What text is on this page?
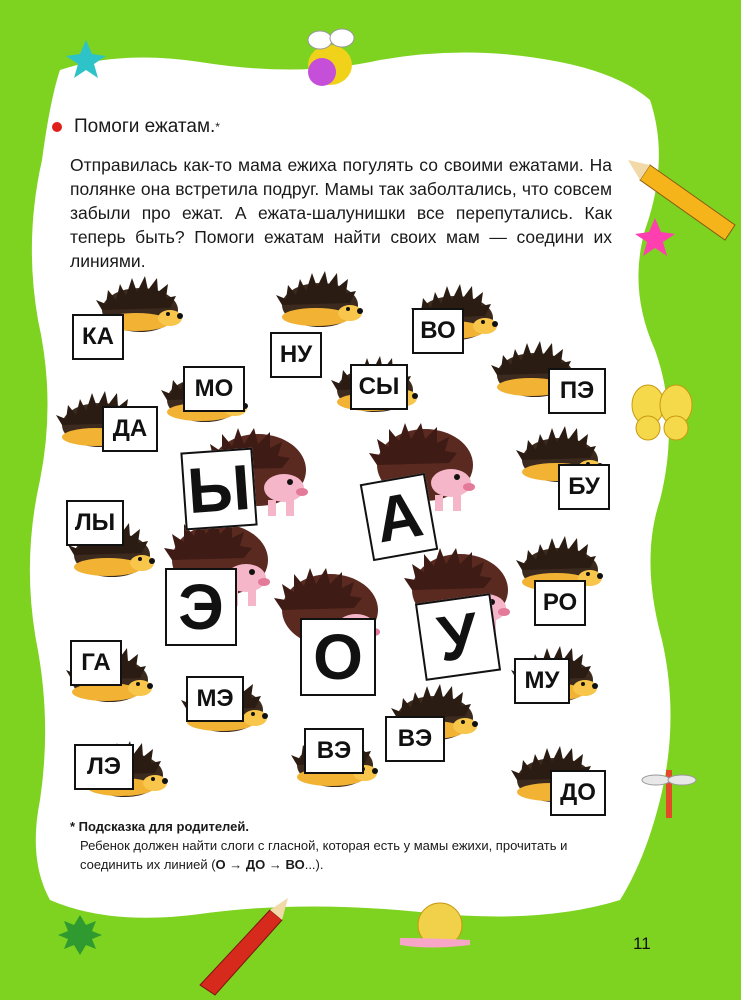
Помоги ежатам. *
Отправилась как-то мама ежиха погулять со своими ежатами. На полянке она встретила подруг. Мамы так заболтались, что совсем забыли про ежат. А ежата-шалунишки все перепутались. Как теперь быть? Помоги ежатам найти своих мам — соедини их линиями.
КА
НУ
ВО
МО	СЫ	ПЭ
ДА
БУ
ЛЫ
РО
ГА
МУ
МЭ
ВЭ	ВЭ
ЛЭ
ДО
Ы А
Э
О У
* Подсказка для родителей.
Ребенок должен найти слоги с гласной, которая есть у мамы ежихи, прочитать и соединить их линией (О → ДО → ВО...).
11
